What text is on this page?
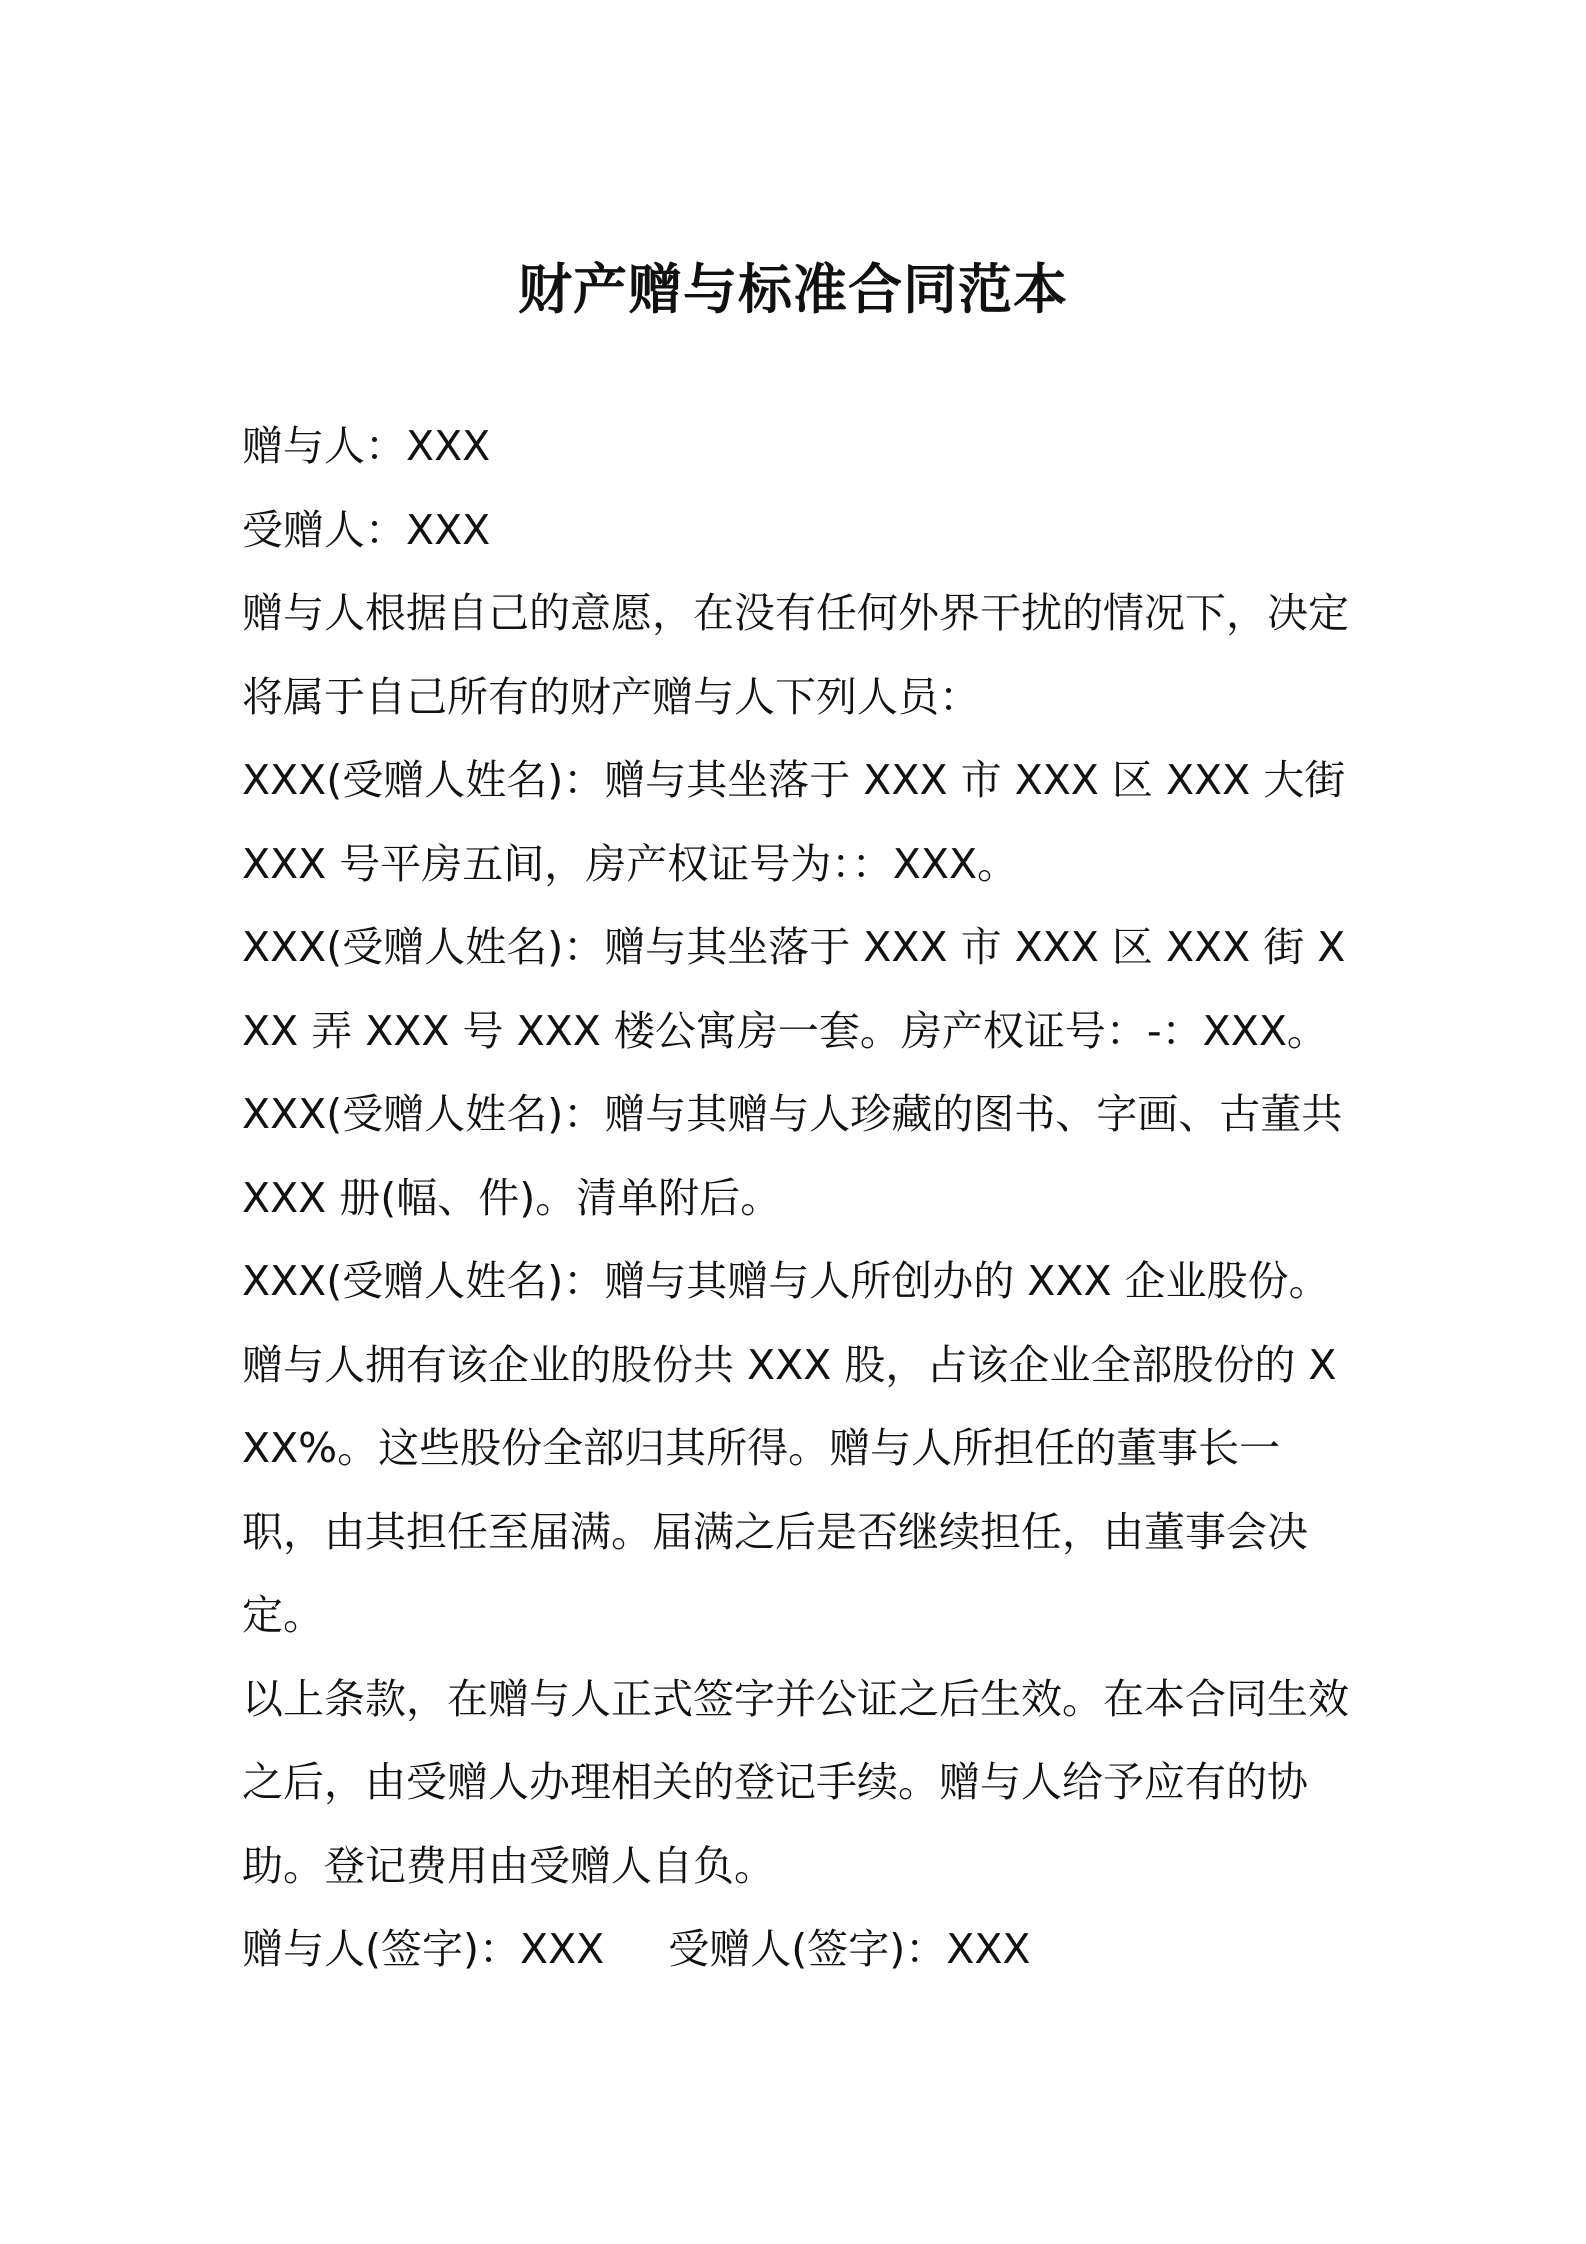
财产赠与标准合同范本

赠与人：XXX

受赠人：XXX

赠与人根据自己的意愿，在没有任何外界干扰的情况下，决定将属于自己所有的财产赠与人下列人员：

XXX(受赠人姓名)：赠与其坐落于 XXX 市 XXX 区 XXX 大街 XXX 号平房五间，房产权证号为：：XXX。

XXX(受赠人姓名)：赠与其坐落于 XXX 市 XXX 区 XXX 街 XXX 弄 XXX 号 XXX 楼公寓房一套。房产权证号：-：XXX。

XXX(受赠人姓名)：赠与其赠与人珍藏的图书、字画、古董共 XXX 册(幅、件)。清单附后。

XXX(受赠人姓名)：赠与其赠与人所创办的 XXX 企业股份。赠与人拥有该企业的股份共 XXX 股，占该企业全部股份的 XXX%。这些股份全部归其所得。赠与人所担任的董事长一职，由其担任至届满。届满之后是否继续担任，由董事会决定。

以上条款，在赠与人正式签字并公证之后生效。在本合同生效之后，由受赠人办理相关的登记手续。赠与人给予应有的协助。登记费用由受赠人自负。

赠与人(签字)：XXX 受赠人(签字)：XXX
